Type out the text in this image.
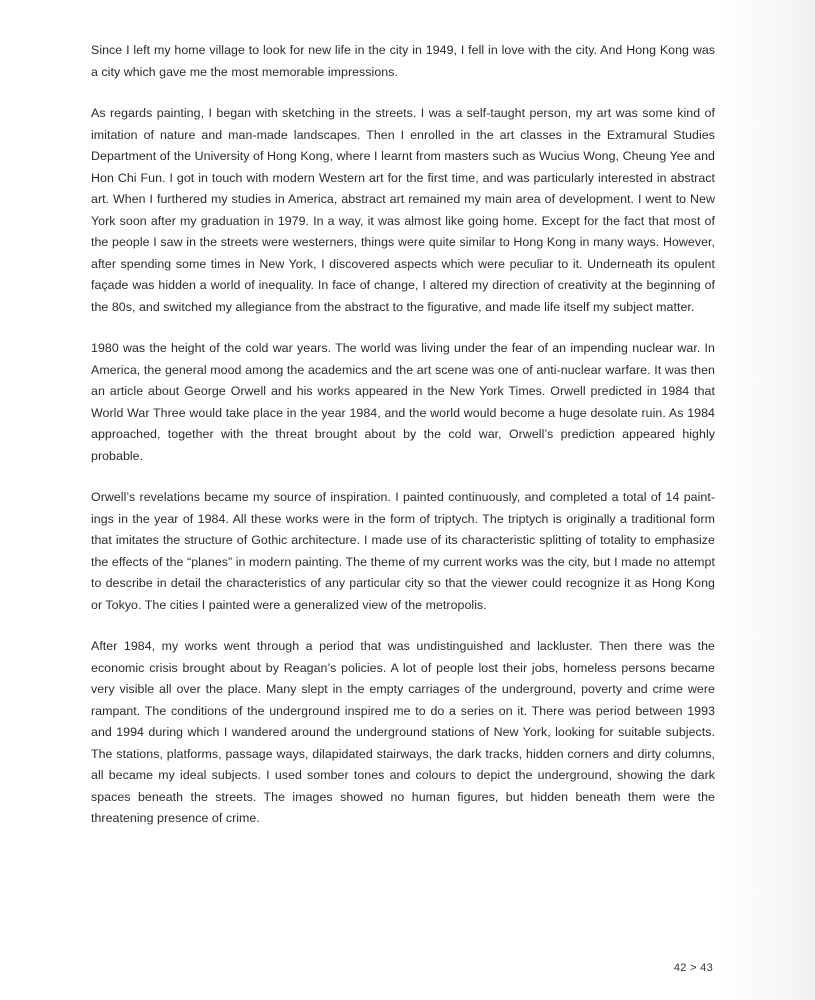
Since I left my home village to look for new life in the city in 1949, I fell in love with the city. And Hong Kong was a city which gave me the most memorable impressions.

As regards painting, I began with sketching in the streets. I was a self-taught person, my art was some kind of imitation of nature and man-made landscapes. Then I enrolled in the art classes in the Extramural Studies Department of the University of Hong Kong, where I learnt from masters such as Wucius Wong, Cheung Yee and Hon Chi Fun. I got in touch with modern Western art for the first time, and was particularly interested in abstract art. When I furthered my studies in America, abstract art remained my main area of development. I went to New York soon after my graduation in 1979. In a way, it was almost like going home. Except for the fact that most of the people I saw in the streets were westerners, things were quite similar to Hong Kong in many ways. However, after spending some times in New York, I discovered aspects which were peculiar to it. Underneath its opulent façade was hidden a world of inequality. In face of change, I altered my direction of creativity at the beginning of the 80s, and switched my allegiance from the abstract to the figurative, and made life itself my subject matter.

1980 was the height of the cold war years. The world was living under the fear of an impending nuclear war. In America, the general mood among the academics and the art scene was one of anti-nuclear warfare. It was then an article about George Orwell and his works appeared in the New York Times. Orwell predicted in 1984 that World War Three would take place in the year 1984, and the world would become a huge desolate ruin. As 1984 approached, together with the threat brought about by the cold war, Orwell’s prediction appeared highly probable.

Orwell’s revelations became my source of inspiration. I painted continuously, and completed a total of 14 paintings in the year of 1984. All these works were in the form of triptych. The triptych is originally a traditional form that imitates the structure of Gothic architecture. I made use of its characteristic splitting of totality to emphasize the effects of the “planes” in modern painting. The theme of my current works was the city, but I made no attempt to describe in detail the characteristics of any particular city so that the viewer could recognize it as Hong Kong or Tokyo. The cities I painted were a generalized view of the metropolis.

After 1984, my works went through a period that was undistinguished and lackluster. Then there was the economic crisis brought about by Reagan’s policies. A lot of people lost their jobs, homeless persons became very visible all over the place. Many slept in the empty carriages of the underground, poverty and crime were rampant. The conditions of the underground inspired me to do a series on it. There was period between 1993 and 1994 during which I wandered around the underground stations of New York, looking for suitable subjects. The stations, platforms, passage ways, dilapidated stairways, the dark tracks, hidden corners and dirty columns, all became my ideal subjects. I used somber tones and colours to depict the underground, showing the dark spaces beneath the streets. The images showed no human figures, but hidden beneath them were the threatening presence of crime.

42 > 43
